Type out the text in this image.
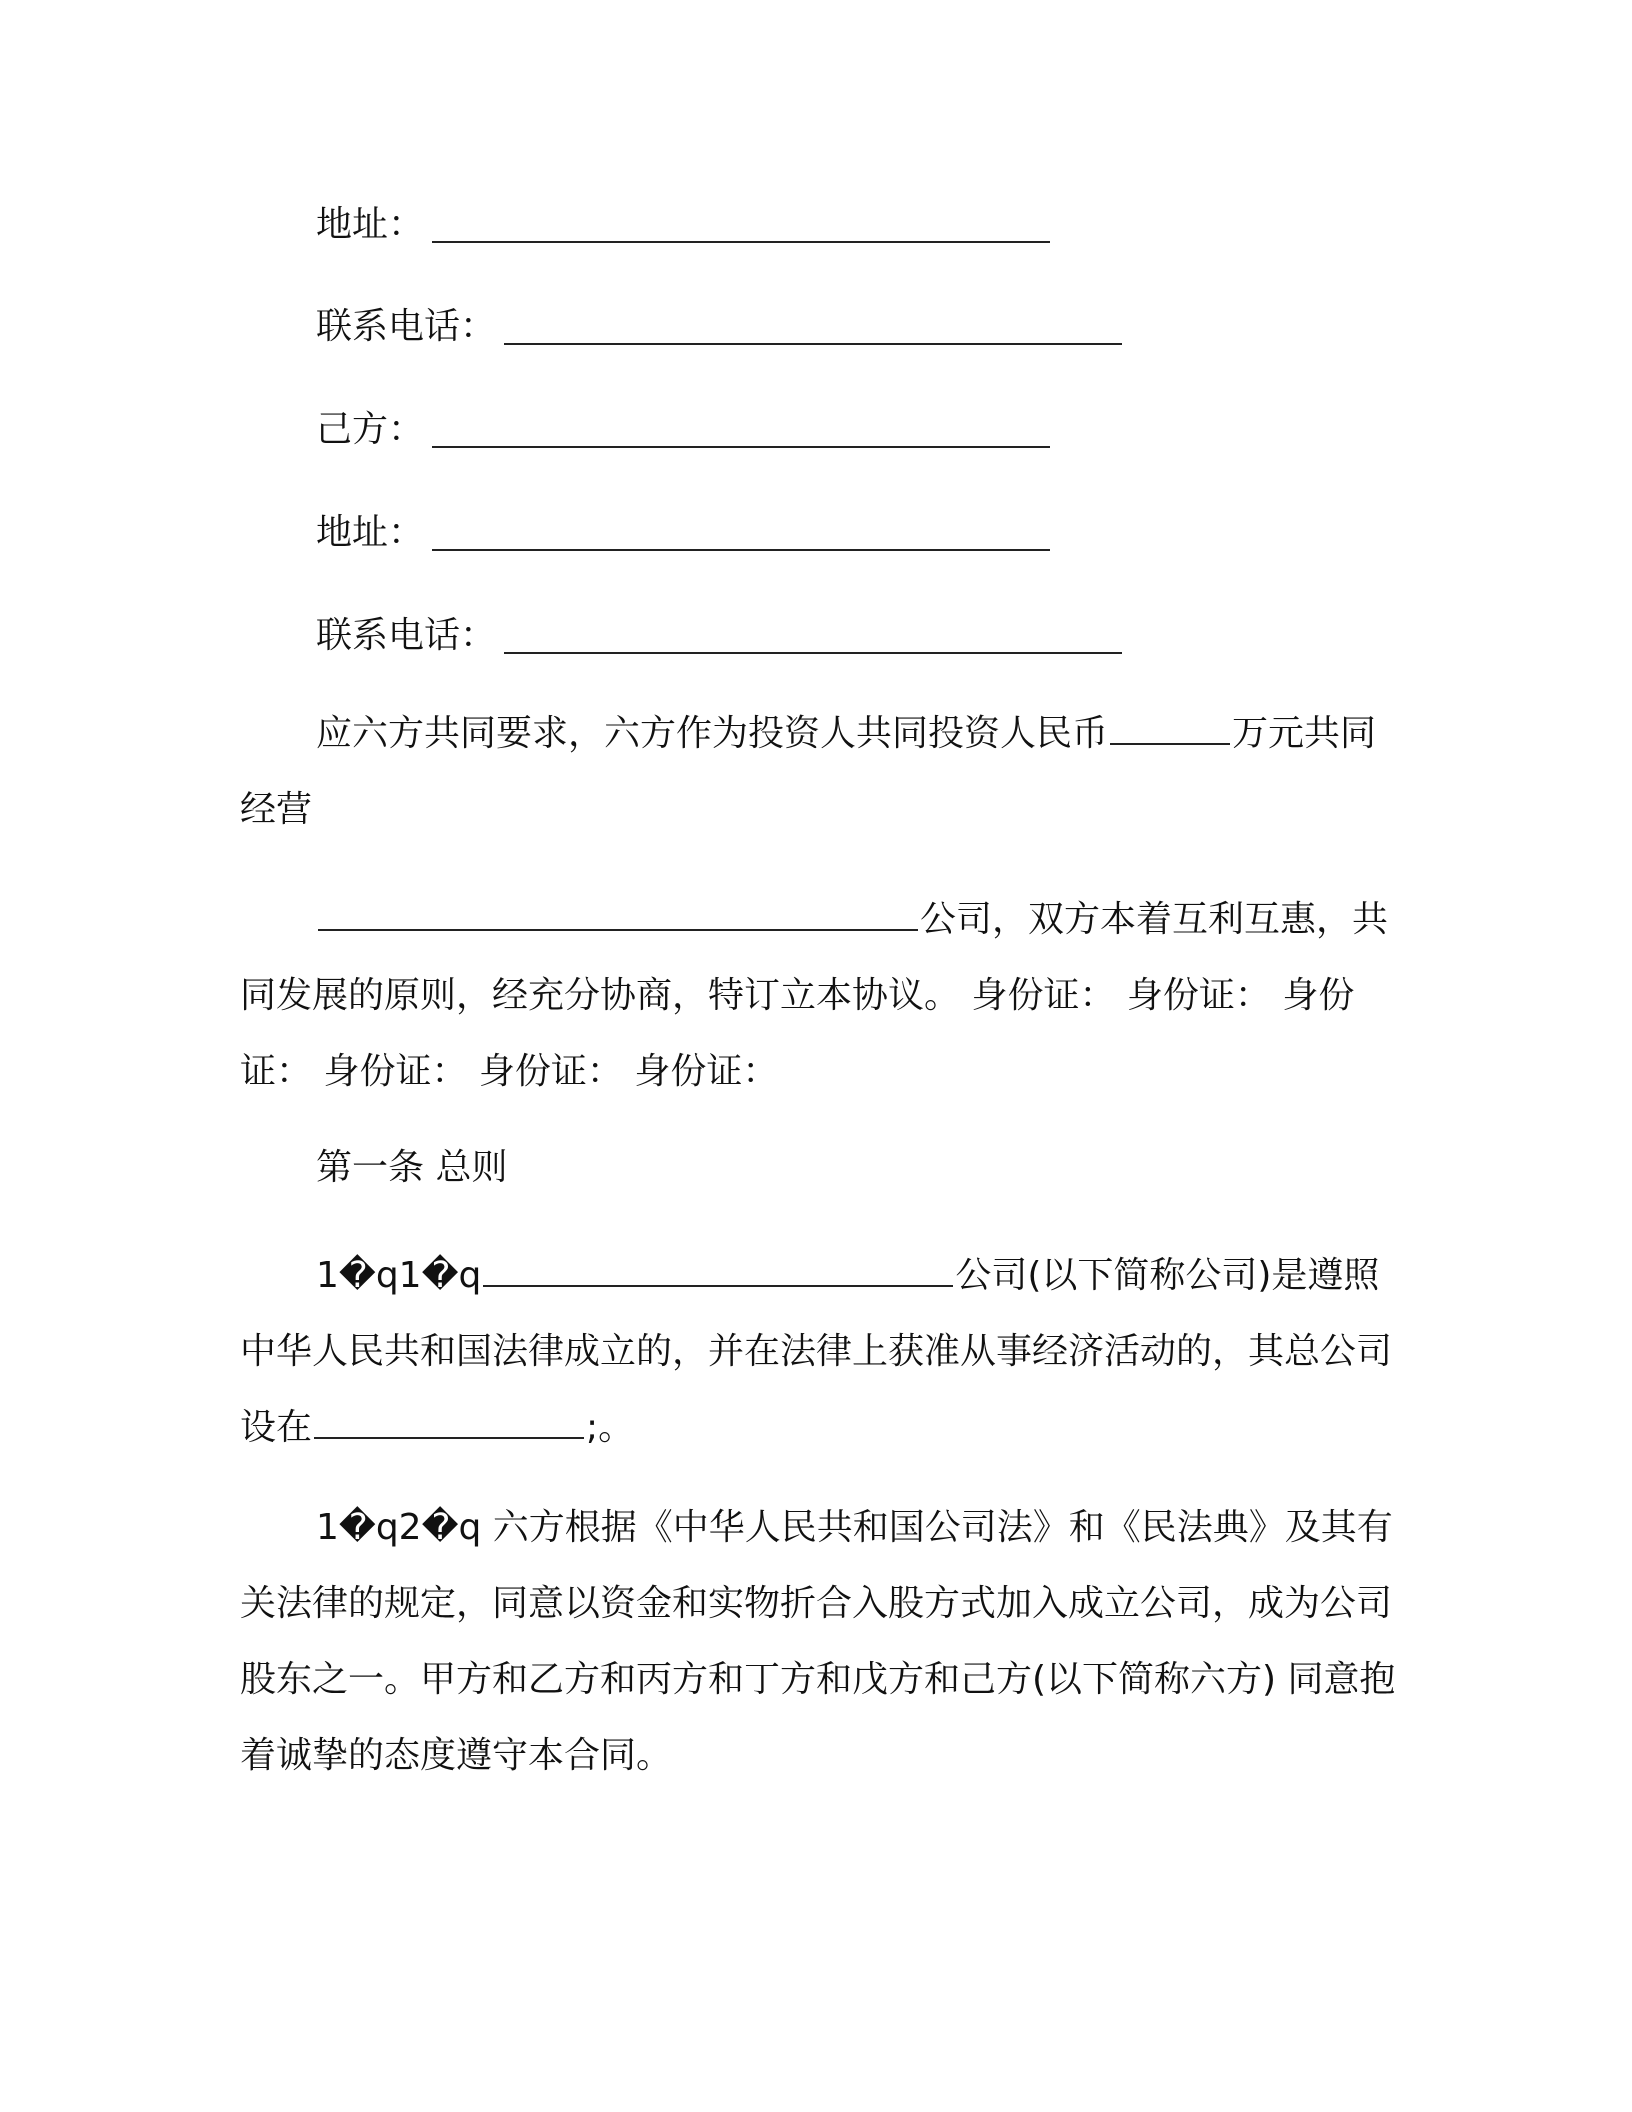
地址：
联系电话：
己方：
地址：
联系电话：
应六方共同要求，六方作为投资人共同投资人民币	万元共同经营
公司，双方本着互利互惠，共同发展的原则，经充分协商，特订立本协议。 身份证： 身份证： 身份证： 身份证： 身份证： 身份证：
第一条 总则
1�q1�q	公司(以下简称公司)是遵照中华人民共和国法律成立的，并在法律上获准从事经济活动的，其总公司设在	;。
1�q2�q 六方根据《中华人民共和国公司法》和《民法典》及其有关法律的规定，同意以资金和实物折合入股方式加入成立公司，成为公司股东之一。甲方和乙方和丙方和丁方和戊方和己方(以下简称六方) 同意抱着诚挚的态度遵守本合同。
